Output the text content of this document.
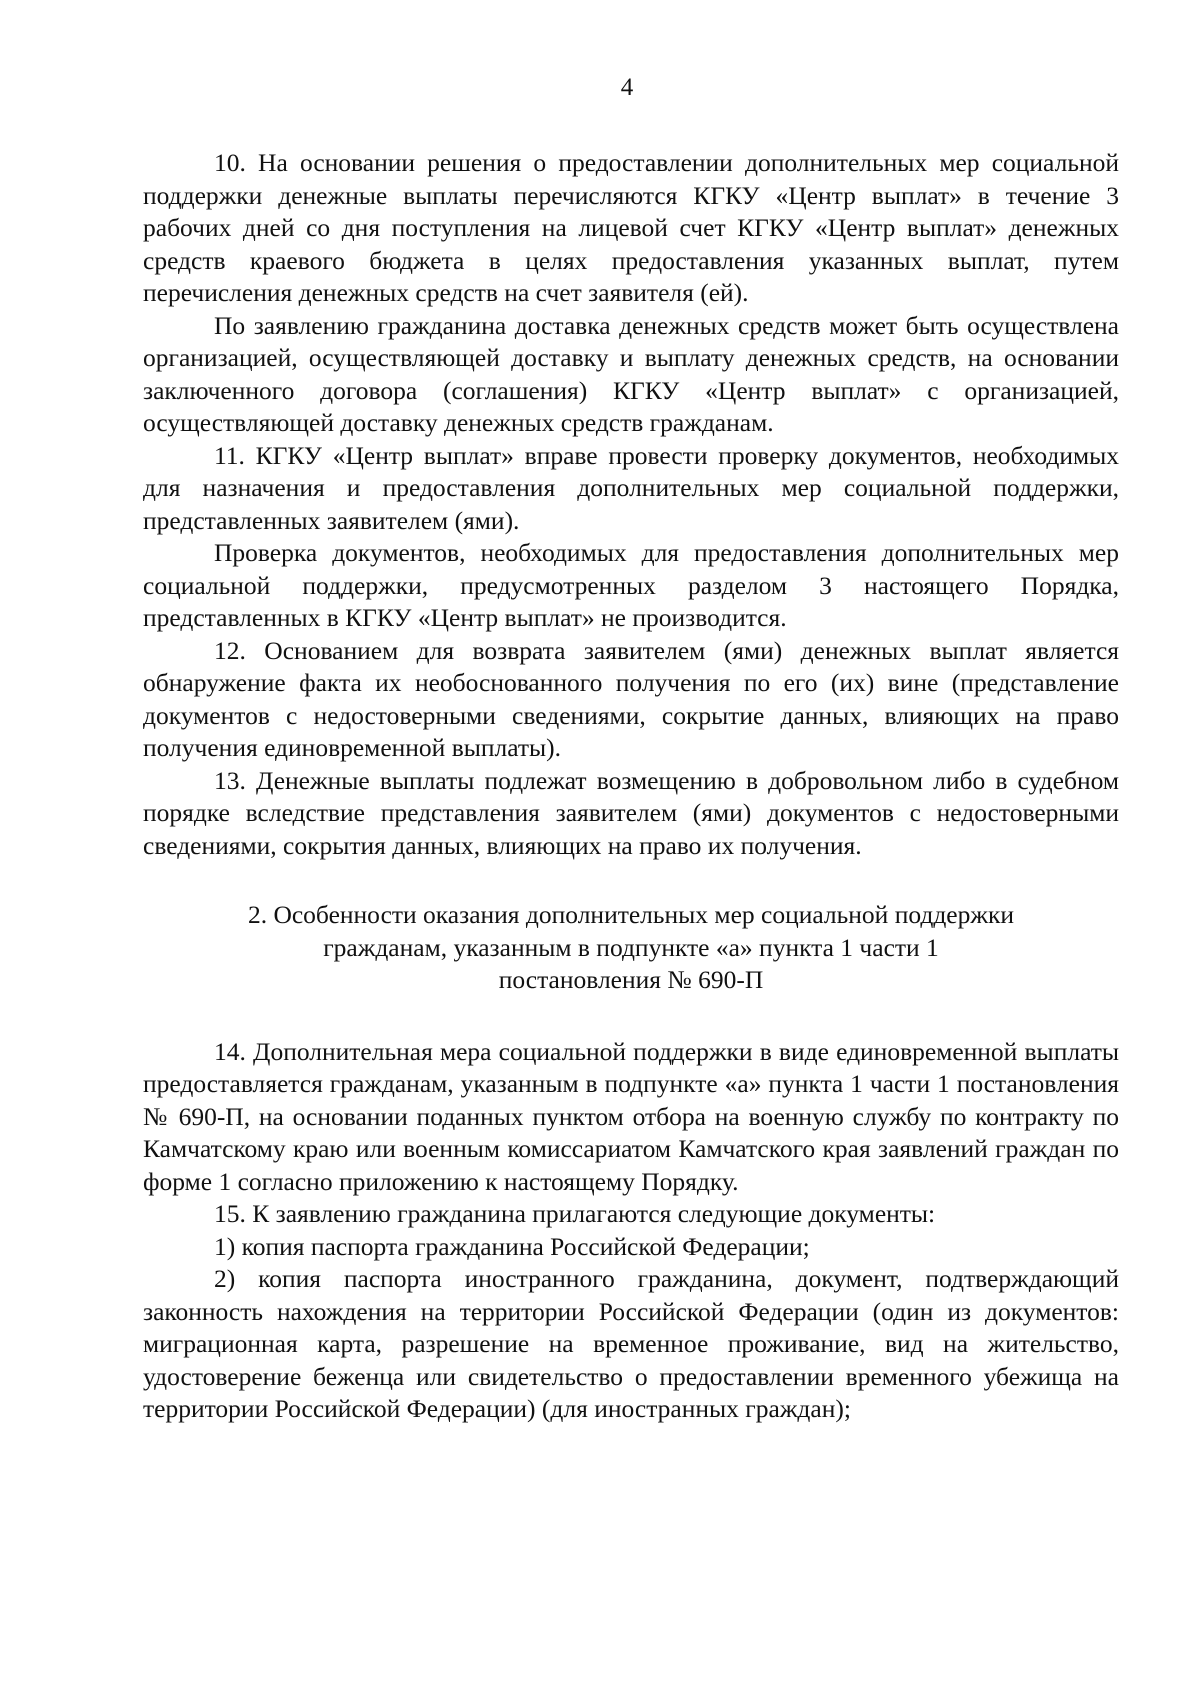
4

10. На основании решения о предоставлении дополнительных мер социальной поддержки денежные выплаты перечисляются КГКУ «Центр выплат» в течение 3 рабочих дней со дня поступления на лицевой счет КГКУ «Центр выплат» денежных средств краевого бюджета в целях предоставления указанных выплат, путем перечисления денежных средств на счет заявителя (ей).

По заявлению гражданина доставка денежных средств может быть осуществлена организацией, осуществляющей доставку и выплату денежных средств, на основании заключенного договора (соглашения) КГКУ «Центр выплат» с организацией, осуществляющей доставку денежных средств гражданам.

11. КГКУ «Центр выплат» вправе провести проверку документов, необходимых для назначения и предоставления дополнительных мер социальной поддержки, представленных заявителем (ями).

Проверка документов, необходимых для предоставления дополнительных мер социальной поддержки, предусмотренных разделом 3 настоящего Порядка, представленных в КГКУ «Центр выплат» не производится.

12. Основанием для возврата заявителем (ями) денежных выплат является обнаружение факта их необоснованного получения по его (их) вине (представление документов с недостоверными сведениями, сокрытие данных, влияющих на право получения единовременной выплаты).

13. Денежные выплаты подлежат возмещению в добровольном либо в судебном порядке вследствие представления заявителем (ями) документов с недостоверными сведениями, сокрытия данных, влияющих на право их получения.

2. Особенности оказания дополнительных мер социальной поддержки
гражданам, указанным в подпункте «а» пункта 1 части 1
постановления № 690-П

14. Дополнительная мера социальной поддержки в виде единовременной выплаты предоставляется гражданам, указанным в подпункте «а» пункта 1 части 1 постановления № 690-П, на основании поданных пунктом отбора на военную службу по контракту по Камчатскому краю или военным комиссариатом Камчатского края заявлений граждан по форме 1 согласно приложению к настоящему Порядку.

15. К заявлению гражданина прилагаются следующие документы:

1) копия паспорта гражданина Российской Федерации;

2) копия паспорта иностранного гражданина, документ, подтверждающий законность нахождения на территории Российской Федерации (один из документов: миграционная карта, разрешение на временное проживание, вид на жительство, удостоверение беженца или свидетельство о предоставлении временного убежища на территории Российской Федерации) (для иностранных граждан);
